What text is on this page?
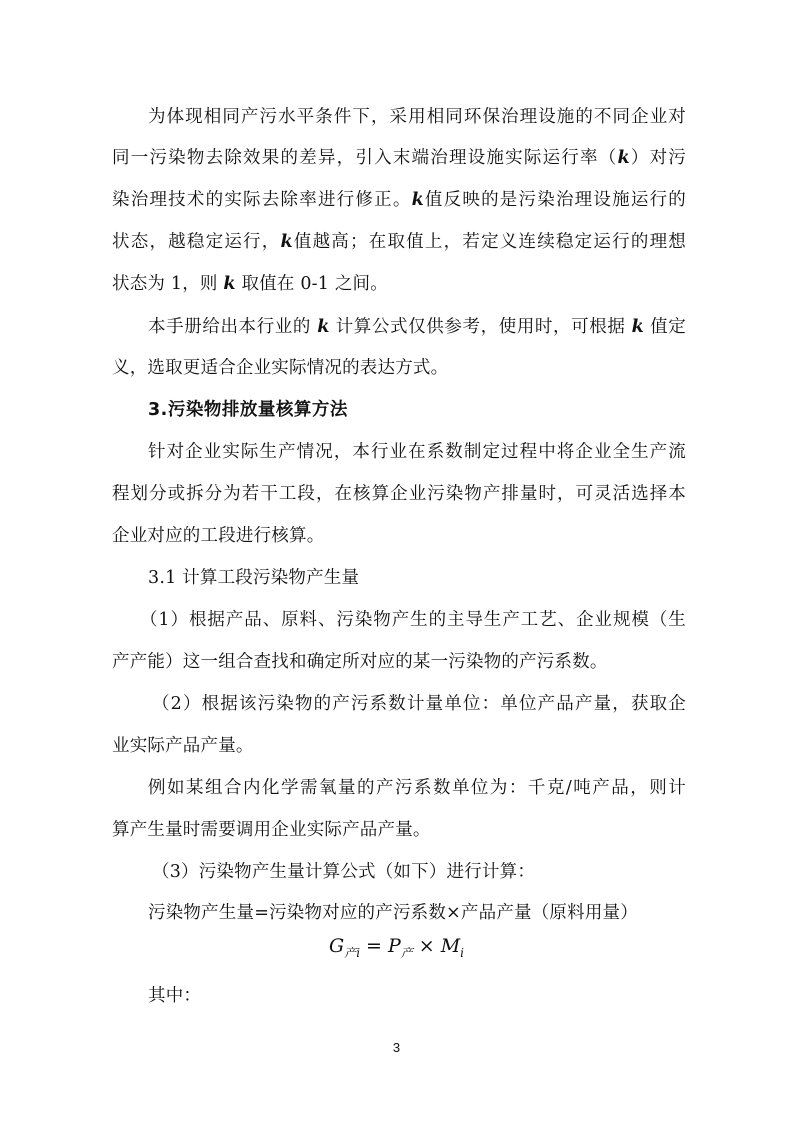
为体现相同产污水平条件下，采用相同环保治理设施的不同企业对
同一污染物去除效果的差异，引入末端治理设施实际运行率（k）对污
染治理技术的实际去除率进行修正。k值反映的是污染治理设施运行的
状态，越稳定运行，k值越高；在取值上，若定义连续稳定运行的理想
状态为 1，则 k 取值在 0-1 之间。
本手册给出本行业的 k 计算公式仅供参考，使用时，可根据 k 值定
义，选取更适合企业实际情况的表达方式。
3.污染物排放量核算方法
针对企业实际生产情况，本行业在系数制定过程中将企业全生产流
程划分或拆分为若干工段，在核算企业污染物产排量时，可灵活选择本
企业对应的工段进行核算。
3.1 计算工段污染物产生量
（1）根据产品、原料、污染物产生的主导生产工艺、企业规模（生
产产能）这一组合查找和确定所对应的某一污染物的产污系数。
（2）根据该污染物的产污系数计量单位：单位产品产量，获取企
业实际产品产量。
例如某组合内化学需氧量的产污系数单位为：千克/吨产品，则计
算产生量时需要调用企业实际产品产量。
（3）污染物产生量计算公式（如下）进行计算：
污染物产生量=污染物对应的产污系数×产品产量（原料用量）
$G_{产i} = P_产 \times M_i$
其中：
3
